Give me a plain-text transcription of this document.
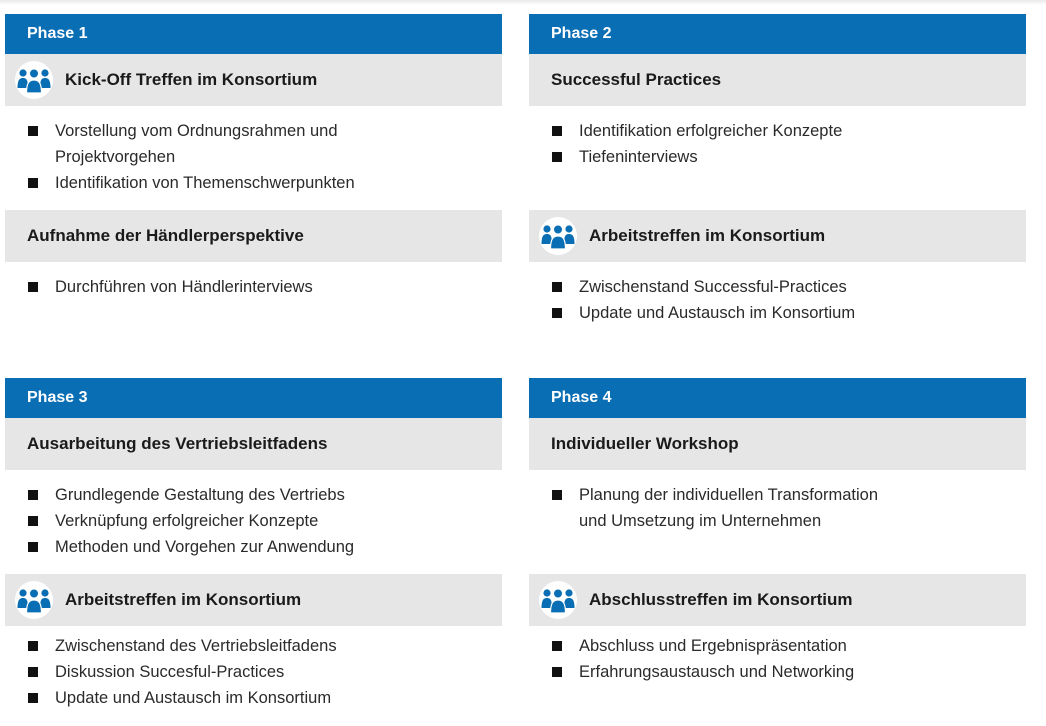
Phase 1
Kick-Off Treffen im Konsortium
Vorstellung vom Ordnungsrahmen und
Projektvorgehen
Identifikation von Themenschwerpunkten
Aufnahme der Händlerperspektive
Durchführen von Händlerinterviews
Phase 2
Successful Practices
Identifikation erfolgreicher Konzepte
Tiefeninterviews
Arbeitstreffen im Konsortium
Zwischenstand Successful-Practices
Update und Austausch im Konsortium
Phase 3
Ausarbeitung des Vertriebsleitfadens
Grundlegende Gestaltung des Vertriebs
Verknüpfung erfolgreicher Konzepte
Methoden und Vorgehen zur Anwendung
Arbeitstreffen im Konsortium
Zwischenstand des Vertriebsleitfadens
Diskussion Succesful-Practices
Update und Austausch im Konsortium
Phase 4
Individueller Workshop
Planung der individuellen Transformation
und Umsetzung im Unternehmen
Abschlusstreffen im Konsortium
Abschluss und Ergebnispräsentation
Erfahrungsaustausch und Networking
